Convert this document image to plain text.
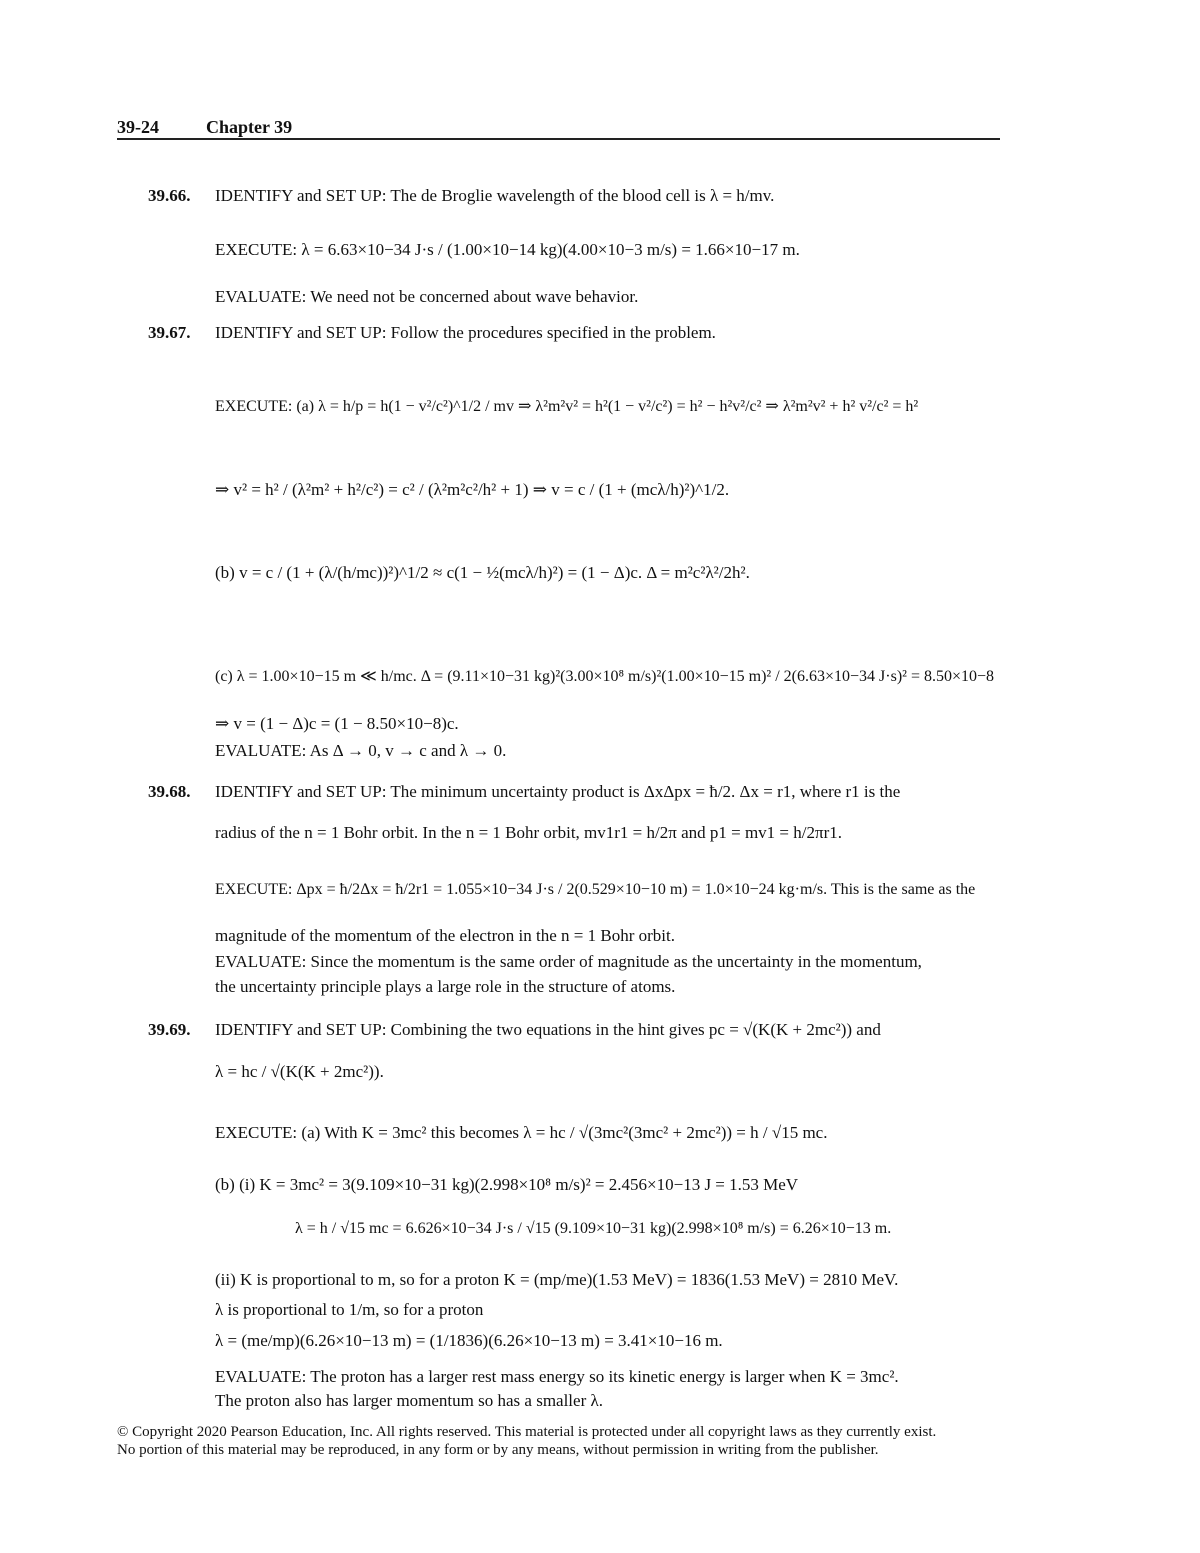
39-24	Chapter 39
39.66. IDENTIFY and SET UP: The de Broglie wavelength of the blood cell is λ = h/mv.
EXECUTE: λ = 6.63×10−34 J·s / (1.00×10−14 kg)(4.00×10−3 m/s) = 1.66×10−17 m.
EVALUATE: We need not be concerned about wave behavior.
39.67. IDENTIFY and SET UP: Follow the procedures specified in the problem.
EXECUTE: (a) λ = h/p = h(1 − v²/c²)^1/2 / mv ⇒ λ²m²v² = h²(1 − v²/c²) = h² − h²v²/c² ⇒ λ²m²v² + h² v²/c² = h²
⇒ v² = h² / (λ²m² + h²/c²) = c² / (λ²m²c²/h² + 1) ⇒ v = c / (1 + (mcλ/h)²)^1/2.
(b) v = c / (1 + (λ/(h/mc))²)^1/2 ≈ c(1 − ½(mcλ/h)²) = (1 − Δ)c. Δ = m²c²λ²/2h².
(c) λ = 1.00×10−15 m ≪ h/mc. Δ = (9.11×10−31 kg)²(3.00×10⁸ m/s)²(1.00×10−15 m)² / 2(6.63×10−34 J·s)² = 8.50×10−8
⇒ v = (1 − Δ)c = (1 − 8.50×10−8)c.
EVALUATE: As Δ → 0, v → c and λ → 0.
39.68. IDENTIFY and SET UP: The minimum uncertainty product is ΔxΔpx = ħ/2. Δx = r1, where r1 is the
radius of the n = 1 Bohr orbit. In the n = 1 Bohr orbit, mv1r1 = h/2π and p1 = mv1 = h/2πr1.
EXECUTE: Δpx = ħ/2Δx = ħ/2r1 = 1.055×10−34 J·s / 2(0.529×10−10 m) = 1.0×10−24 kg·m/s. This is the same as the
magnitude of the momentum of the electron in the n = 1 Bohr orbit.
EVALUATE: Since the momentum is the same order of magnitude as the uncertainty in the momentum,
the uncertainty principle plays a large role in the structure of atoms.
39.69. IDENTIFY and SET UP: Combining the two equations in the hint gives pc = √(K(K + 2mc²)) and
λ = hc / √(K(K + 2mc²)).
EXECUTE: (a) With K = 3mc² this becomes λ = hc / √(3mc²(3mc² + 2mc²)) = h / √15 mc.
(b) (i) K = 3mc² = 3(9.109×10−31 kg)(2.998×10⁸ m/s)² = 2.456×10−13 J = 1.53 MeV
λ = h / √15 mc = 6.626×10−34 J·s / √15 (9.109×10−31 kg)(2.998×10⁸ m/s) = 6.26×10−13 m.
(ii) K is proportional to m, so for a proton K = (mp/me)(1.53 MeV) = 1836(1.53 MeV) = 2810 MeV.
λ is proportional to 1/m, so for a proton
λ = (me/mp)(6.26×10−13 m) = (1/1836)(6.26×10−13 m) = 3.41×10−16 m.
EVALUATE: The proton has a larger rest mass energy so its kinetic energy is larger when K = 3mc².
The proton also has larger momentum so has a smaller λ.
© Copyright 2020 Pearson Education, Inc. All rights reserved. This material is protected under all copyright laws as they currently exist.
No portion of this material may be reproduced, in any form or by any means, without permission in writing from the publisher.
